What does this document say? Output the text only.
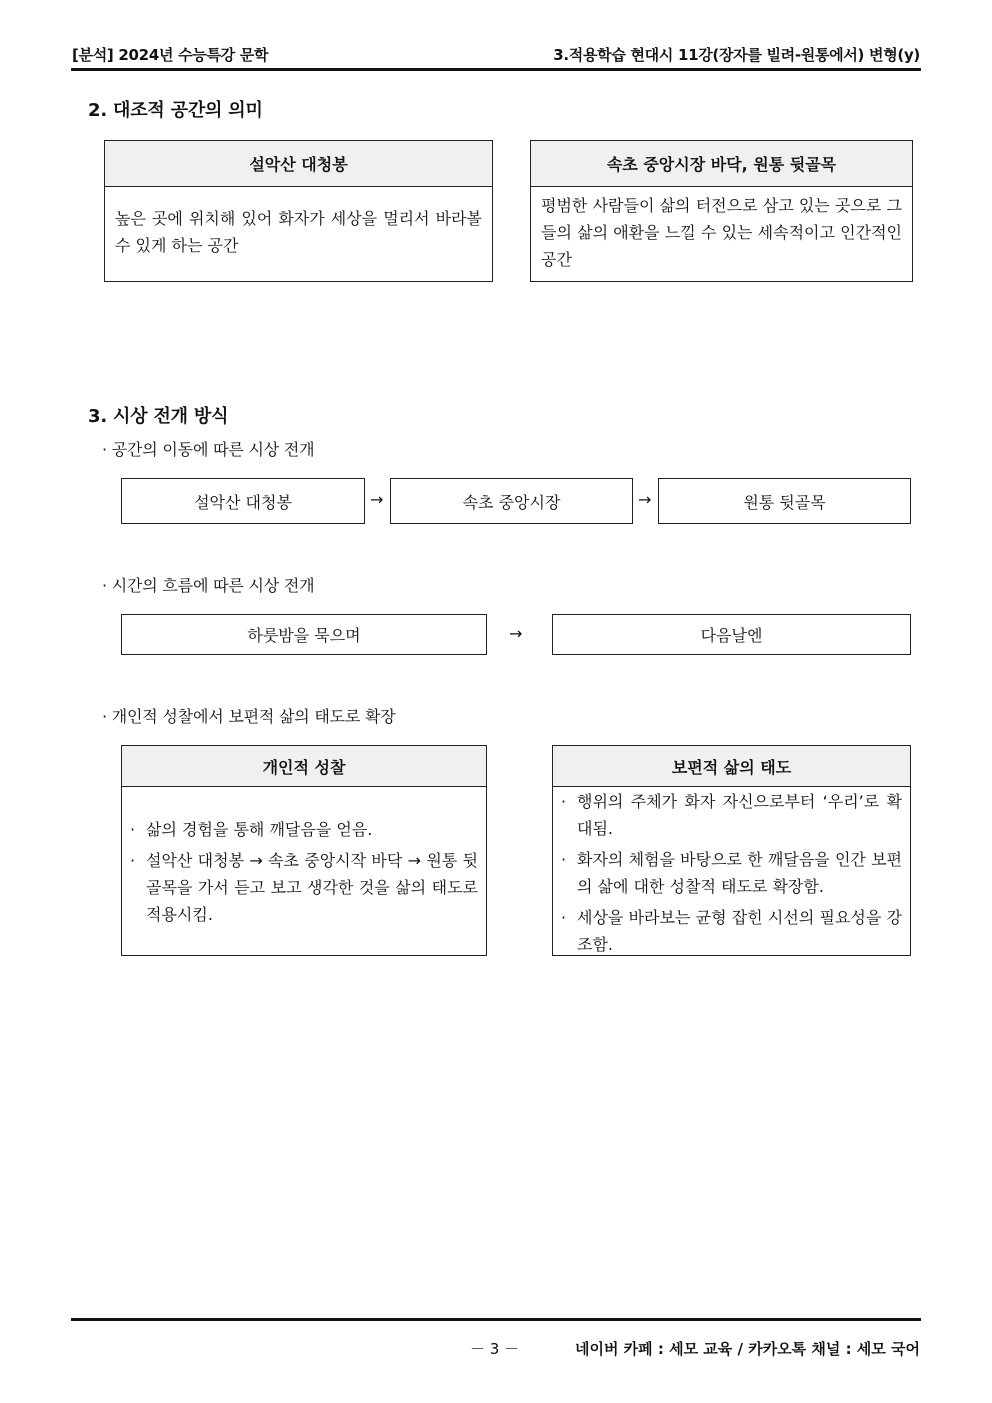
[분석] 2024년 수능특강 문학	3.적용학습 현대시 11강(장자를 빌려-원통에서) 변형(y)
2. 대조적 공간의 의미
설악산 대청봉
높은 곳에 위치해 있어 화자가 세상을 멀리서 바라볼 수 있게 하는 공간
속초 중앙시장 바닥, 원통 뒷골목
평범한 사람들이 삶의 터전으로 삼고 있는 곳으로 그들의 삶의 애환을 느낄 수 있는 세속적이고 인간적인 공간
3. 시상 전개 방식
· 공간의 이동에 따른 시상 전개
설악산 대청봉	→	속초 중앙시장	→	원통 뒷골목
· 시간의 흐름에 따른 시상 전개
하룻밤을 묵으며	→	다음날엔
· 개인적 성찰에서 보편적 삶의 태도로 확장
개인적 성찰
· 삶의 경험을 통해 깨달음을 얻음.
· 설악산 대청봉 → 속초 중앙시작 바닥 → 원통 뒷골목을 가서 듣고 보고 생각한 것을 삶의 태도로 적용시킴.
보편적 삶의 태도
· 행위의 주체가 화자 자신으로부터 ‘우리’로 확대됨.
· 화자의 체험을 바탕으로 한 깨달음을 인간 보편의 삶에 대한 성찰적 태도로 확장함.
· 세상을 바라보는 균형 잡힌 시선의 필요성을 강조함.
－ 3 －	네이버 카페 : 세모 교육 / 카카오톡 채널 : 세모 국어
